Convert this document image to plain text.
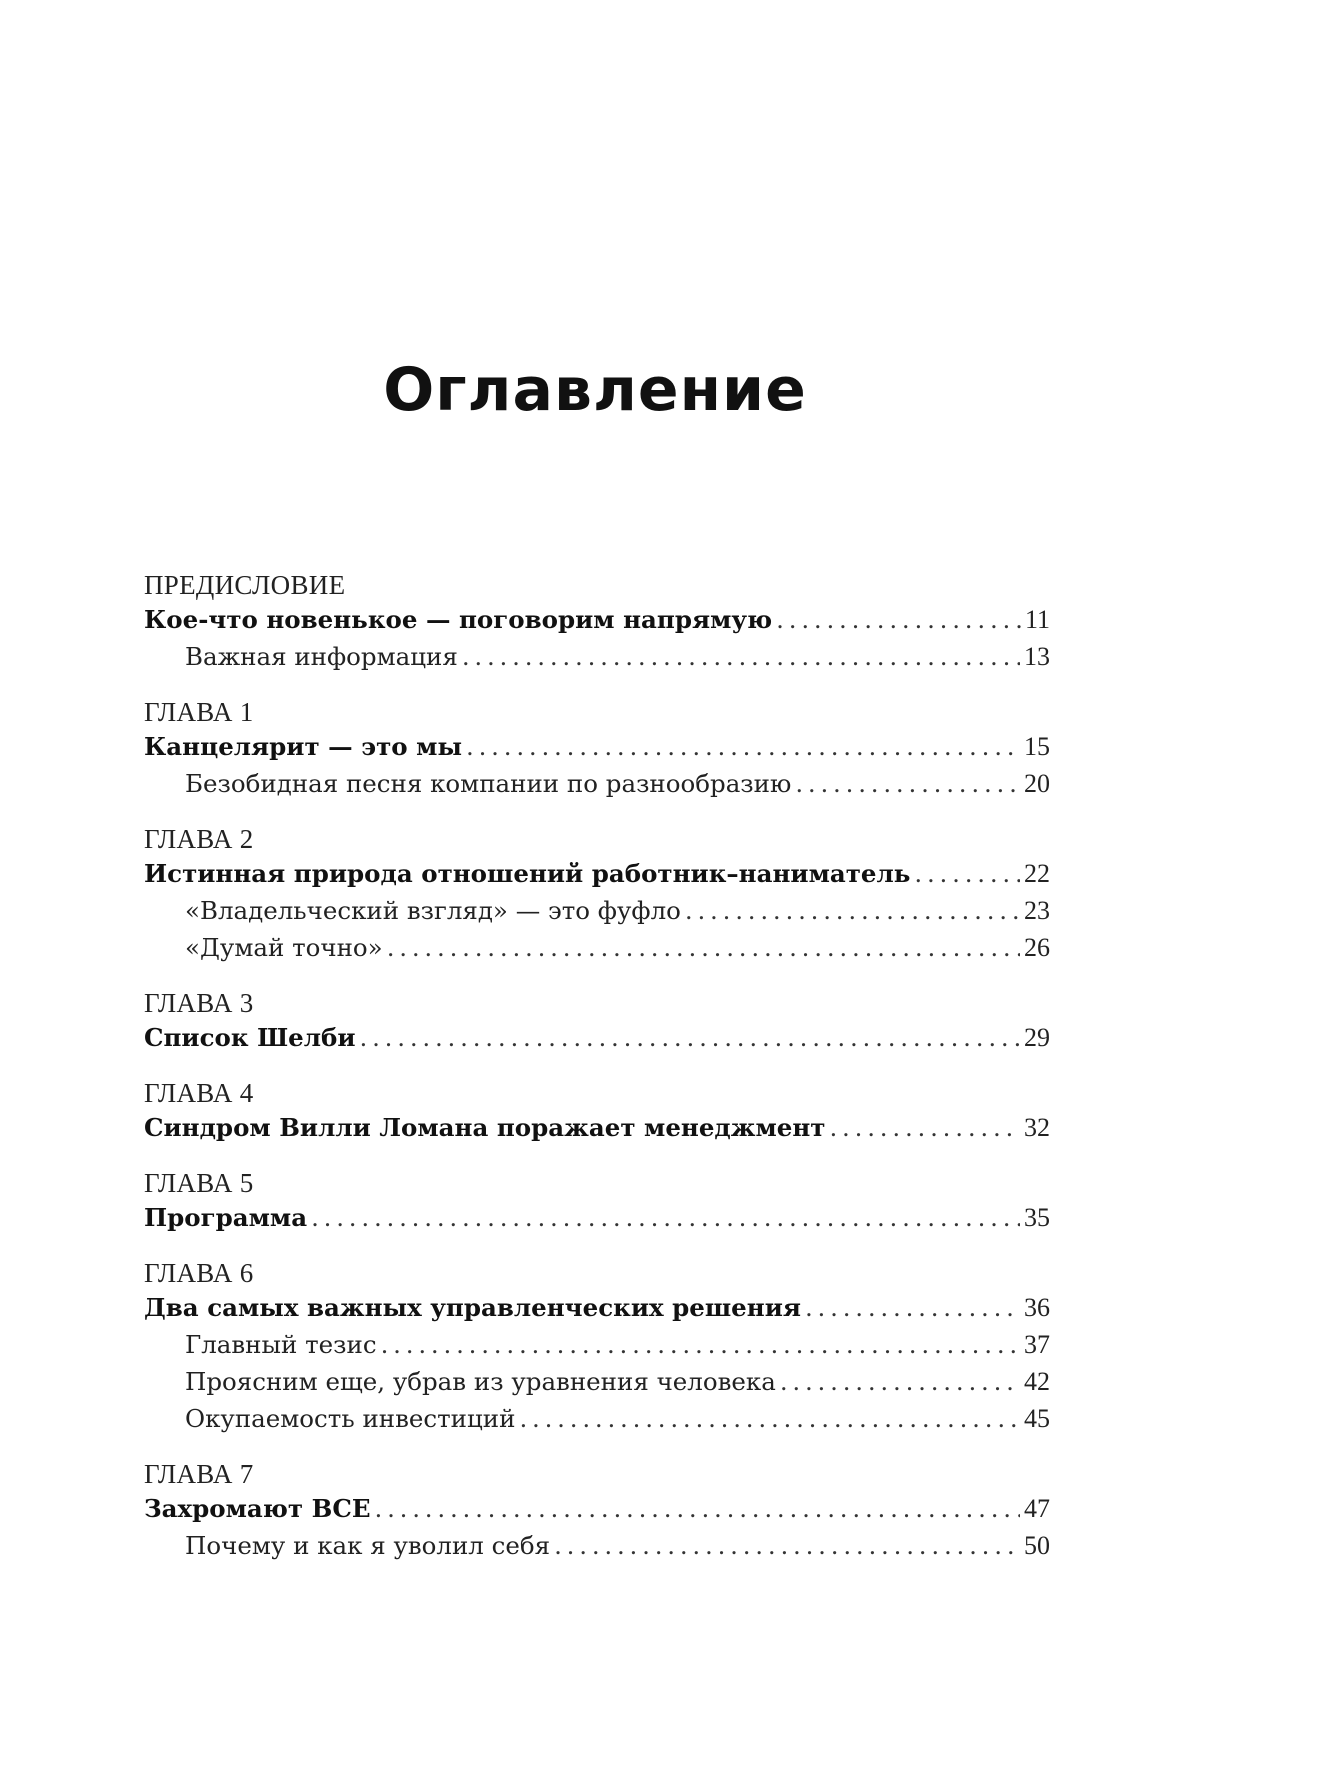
Оглавление
ПРЕДИСЛОВИЕ
Кое-что новенькое — поговорим напрямую . . .	11
Важная информация . . .	13
ГЛАВА 1
Канцелярит — это мы . . .	15
Безобидная песня компании по разнообразию . . .	20
ГЛАВА 2
Истинная природа отношений работник–наниматель . . .	22
«Владельческий взгляд» — это фуфло . . .	23
«Думай точно» . . .	26
ГЛАВА 3
Список Шелби . . .	29
ГЛАВА 4
Синдром Вилли Ломана поражает менеджмент . . .	32
ГЛАВА 5
Программа . . .	35
ГЛАВА 6
Два самых важных управленческих решения . . .	36
Главный тезис . . .	37
Проясним еще, убрав из уравнения человека . . .	42
Окупаемость инвестиций . . .	45
ГЛАВА 7
Захромают ВСЕ . . .	47
Почему и как я уволил себя . . .	50
